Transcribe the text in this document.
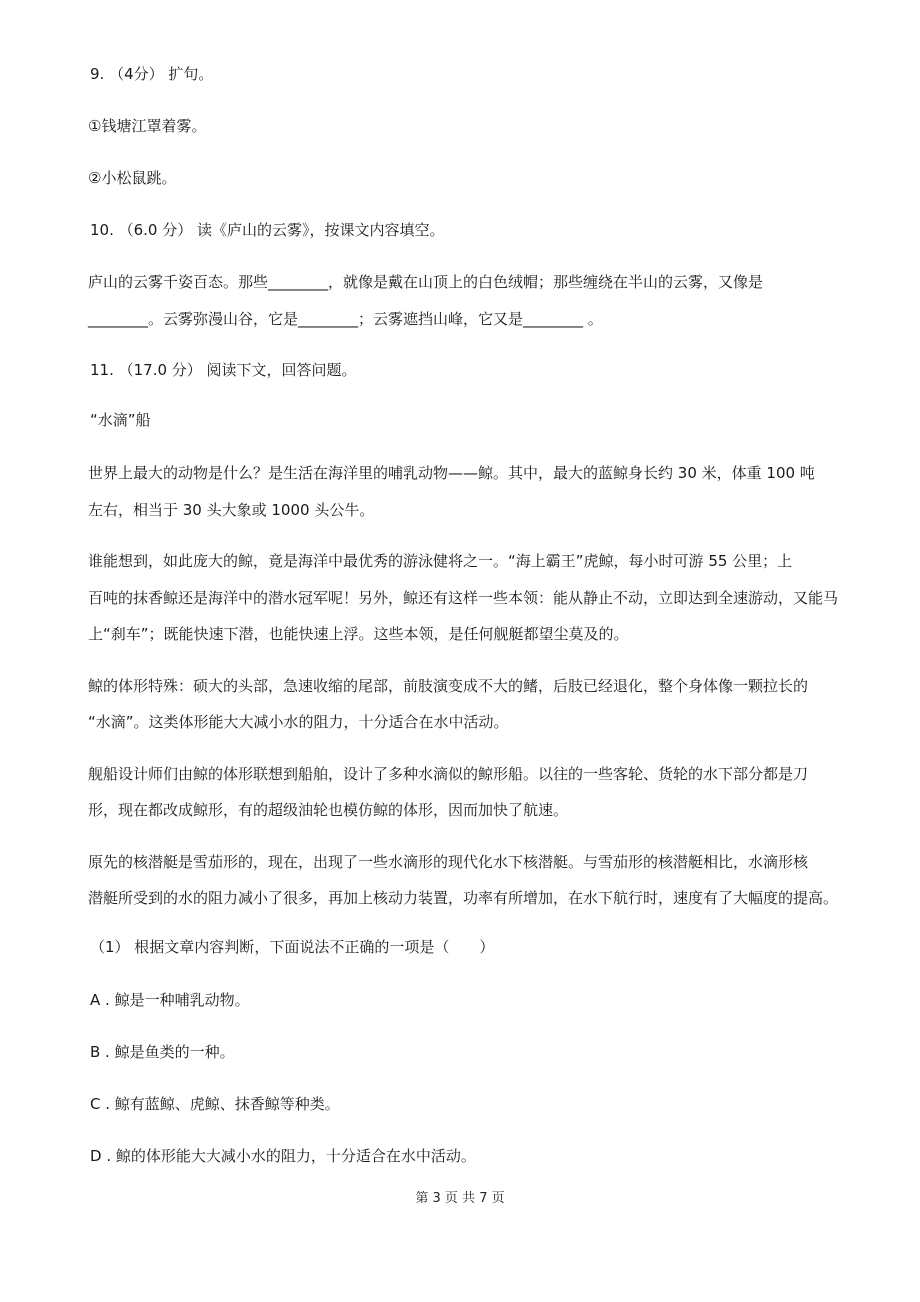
9. （4分） 扩句。
①钱塘江罩着雾。
②小松鼠跳。
10. （6.0 分） 读《庐山的云雾》，按课文内容填空。
庐山的云雾千姿百态。那些________，就像是戴在山顶上的白色绒帽；那些缠绕在半山的云雾，又像是
________。云雾弥漫山谷，它是________；云雾遮挡山峰，它又是________ 。
11. （17.0 分） 阅读下文，回答问题。
“水滴”船
世界上最大的动物是什么？是生活在海洋里的哺乳动物——鲸。其中，最大的蓝鲸身长约 30 米，体重 100 吨
左右，相当于 30 头大象或 1000 头公牛。
谁能想到，如此庞大的鲸，竟是海洋中最优秀的游泳健将之一。“海上霸王”虎鲸，每小时可游 55 公里；上
百吨的抹香鲸还是海洋中的潜水冠军呢！另外，鲸还有这样一些本领：能从静止不动，立即达到全速游动，又能马
上“刹车”；既能快速下潜，也能快速上浮。这些本领，是任何舰艇都望尘莫及的。
鲸的体形特殊：硕大的头部，急速收缩的尾部，前肢演变成不大的鳍，后肢已经退化，整个身体像一颗拉长的
“水滴”。这类体形能大大减小水的阻力，十分适合在水中活动。
舰船设计师们由鲸的体形联想到船舶，设计了多种水滴似的鲸形船。以往的一些客轮、货轮的水下部分都是刀
形，现在都改成鲸形，有的超级油轮也模仿鲸的体形，因而加快了航速。
原先的核潜艇是雪茄形的，现在，出现了一些水滴形的现代化水下核潜艇。与雪茄形的核潜艇相比，水滴形核
潜艇所受到的水的阻力减小了很多，再加上核动力装置，功率有所增加，在水下航行时，速度有了大幅度的提高。
（1） 根据文章内容判断，下面说法不正确的一项是（　　）
A . 鲸是一种哺乳动物。
B . 鲸是鱼类的一种。
C . 鲸有蓝鲸、虎鲸、抹香鲸等种类。
D . 鲸的体形能大大减小水的阻力，十分适合在水中活动。
第 3 页 共 7 页
